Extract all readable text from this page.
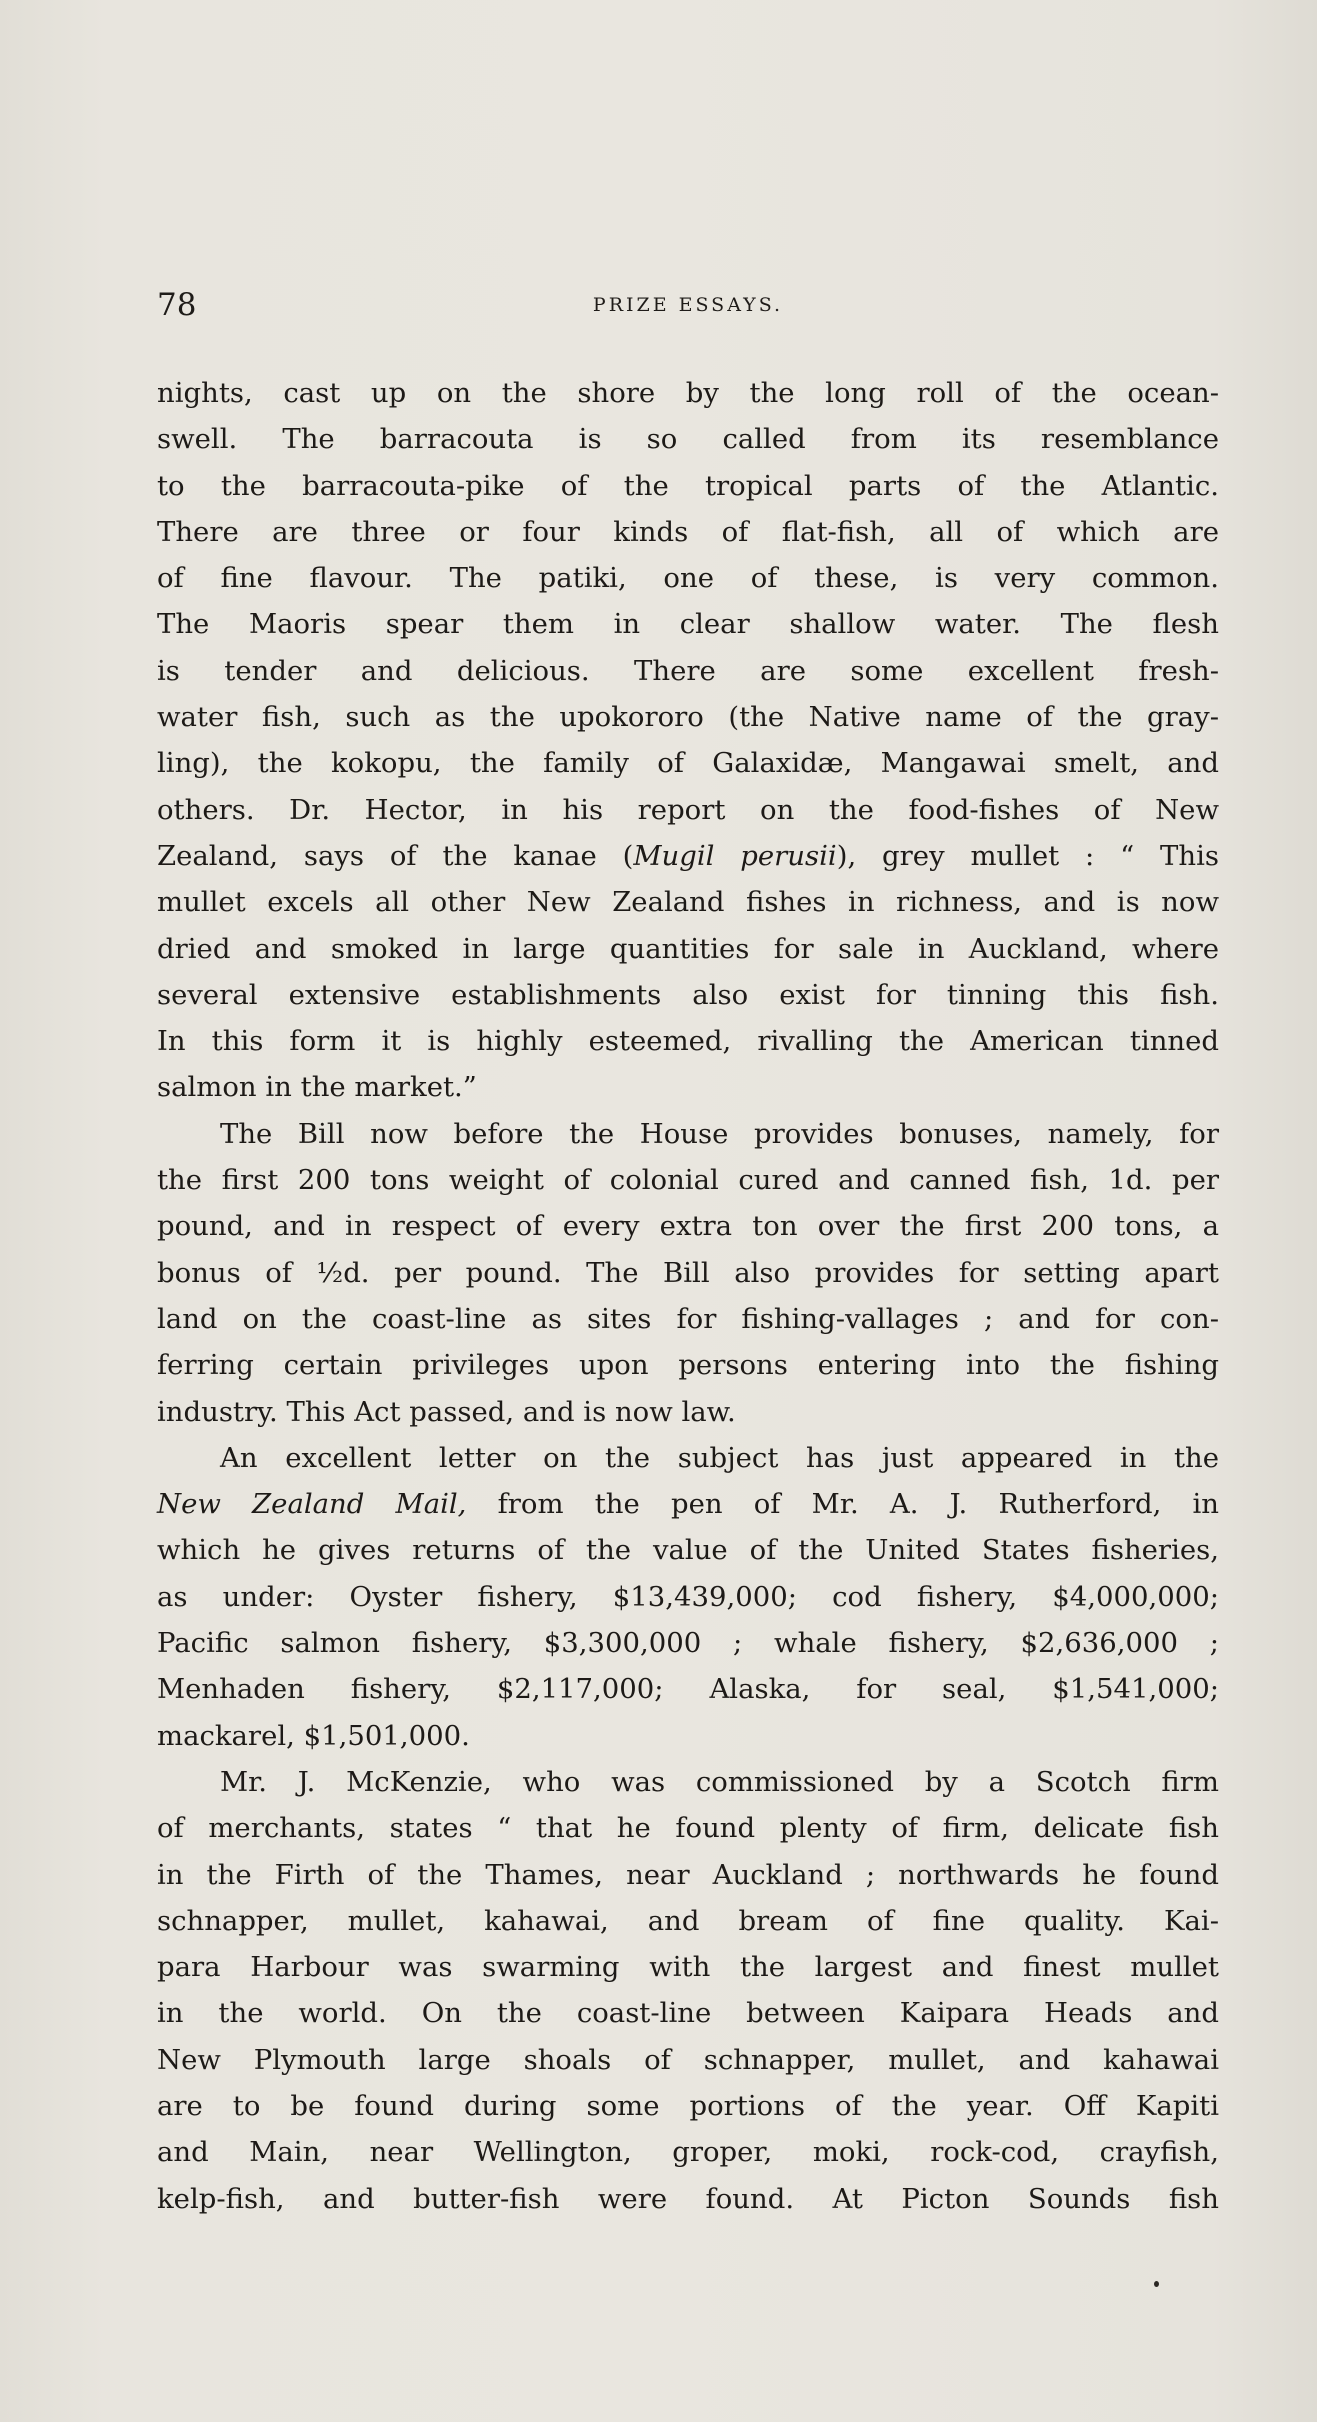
78	PRIZE ESSAYS.
nights, cast up on the shore by the long roll of the ocean-
swell. The barracouta is so called from its resemblance
to the barracouta-pike of the tropical parts of the Atlantic.
There are three or four kinds of flat-fish, all of which are
of fine flavour. The patiki, one of these, is very common.
The Maoris spear them in clear shallow water. The flesh
is tender and delicious. There are some excellent fresh-
water fish, such as the upokororo (the Native name of the gray-
ling), the kokopu, the family of Galaxidæ, Mangawai smelt, and
others. Dr. Hector, in his report on the food-fishes of New
Zealand, says of the kanae (Mugil perusii), grey mullet : “ This
mullet excels all other New Zealand fishes in richness, and is now
dried and smoked in large quantities for sale in Auckland, where
several extensive establishments also exist for tinning this fish.
In this form it is highly esteemed, rivalling the American tinned
salmon in the market.”
The Bill now before the House provides bonuses, namely, for
the first 200 tons weight of colonial cured and canned fish, 1d. per
pound, and in respect of every extra ton over the first 200 tons, a
bonus of ½d. per pound. The Bill also provides for setting apart
land on the coast-line as sites for fishing-vallages ; and for con-
ferring certain privileges upon persons entering into the fishing
industry. This Act passed, and is now law.
An excellent letter on the subject has just appeared in the
New Zealand Mail, from the pen of Mr. A. J. Rutherford, in
which he gives returns of the value of the United States fisheries,
as under: Oyster fishery, $13,439,000; cod fishery, $4,000,000;
Pacific salmon fishery, $3,300,000 ; whale fishery, $2,636,000 ;
Menhaden fishery, $2,117,000; Alaska, for seal, $1,541,000;
mackarel, $1,501,000.
Mr. J. McKenzie, who was commissioned by a Scotch firm
of merchants, states “ that he found plenty of firm, delicate fish
in the Firth of the Thames, near Auckland ; northwards he found
schnapper, mullet, kahawai, and bream of fine quality. Kai-
para Harbour was swarming with the largest and finest mullet
in the world. On the coast-line between Kaipara Heads and
New Plymouth large shoals of schnapper, mullet, and kahawai
are to be found during some portions of the year. Off Kapiti
and Main, near Wellington, groper, moki, rock-cod, crayfish,
kelp-fish, and butter-fish were found. At Picton Sounds fish
